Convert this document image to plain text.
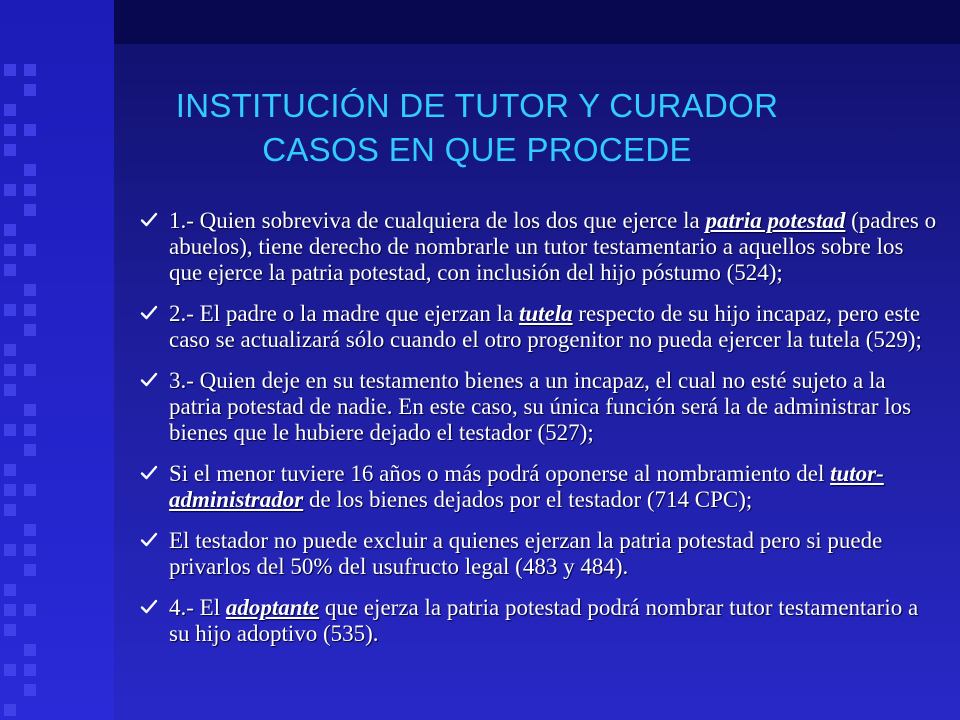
INSTITUCIÓN DE TUTOR Y CURADOR
CASOS EN QUE PROCEDE
1.- Quien sobreviva de cualquiera de los dos que ejerce la patria potestad (padres o abuelos), tiene derecho de nombrarle un tutor testamentario a aquellos sobre los que ejerce la patria potestad, con inclusión del hijo póstumo (524);
2.- El padre o la madre que ejerzan la tutela respecto de su hijo incapaz, pero este caso se actualizará sólo cuando el otro progenitor no pueda ejercer la tutela (529);
3.- Quien deje en su testamento bienes a un incapaz, el cual no esté sujeto a la patria potestad de nadie. En este caso, su única función será la de administrar los bienes que le hubiere dejado el testador (527);
Si el menor tuviere 16 años o más podrá oponerse al nombramiento del tutor-administrador de los bienes dejados por el testador (714 CPC);
El testador no puede excluir a quienes ejerzan la patria potestad pero si puede privarlos del 50% del usufructo legal (483 y 484).
4.- El adoptante que ejerza la patria potestad podrá nombrar tutor testamentario a su hijo adoptivo (535).
